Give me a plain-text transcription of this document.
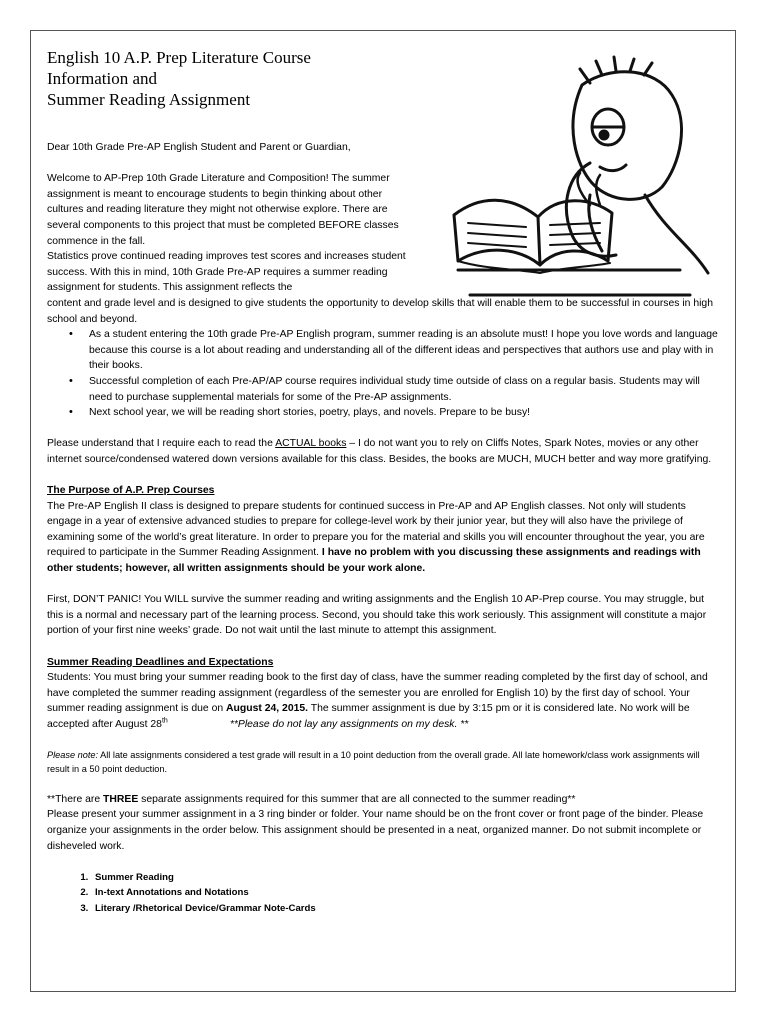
English 10 A.P. Prep Literature Course
Information and
Summer Reading Assignment

Dear 10th Grade Pre-AP English Student and Parent or Guardian,

Welcome to AP-Prep 10th Grade Literature and Composition! The summer assignment is meant to encourage students to begin thinking about other cultures and reading literature they might not otherwise explore. There are several components to this project that must be completed BEFORE classes commence in the fall.

Statistics prove continued reading improves test scores and increases student success. With this in mind, 10th Grade Pre-AP requires a summer reading assignment for students. This assignment reflects the

content and grade level and is designed to give students the opportunity to develop skills that will enable them to be successful in courses in high school and beyond.

• As a student entering the 10th grade Pre-AP English program, summer reading is an absolute must! I hope you love words and language because this course is a lot about reading and understanding all of the different ideas and perspectives that authors use and play with in their books.
• Successful completion of each Pre-AP/AP course requires individual study time outside of class on a regular basis. Students may will need to purchase supplemental materials for some of the Pre-AP assignments.
• Next school year, we will be reading short stories, poetry, plays, and novels. Prepare to be busy!

Please understand that I require each to read the ACTUAL books – I do not want you to rely on Cliffs Notes, Spark Notes, movies or any other internet source/condensed watered down versions available for this class. Besides, the books are MUCH, MUCH better and way more gratifying.

The Purpose of A.P. Prep Courses

The Pre-AP English II class is designed to prepare students for continued success in Pre-AP and AP English classes. Not only will students engage in a year of extensive advanced studies to prepare for college-level work by their junior year, but they will also have the privilege of examining some of the world’s great literature. In order to prepare you for the material and skills you will encounter throughout the year, you are required to participate in the Summer Reading Assignment. I have no problem with you discussing these assignments and readings with other students; however, all written assignments should be your work alone.

First, DON’T PANIC! You WILL survive the summer reading and writing assignments and the English 10 AP-Prep course. You may struggle, but this is a normal and necessary part of the learning process. Second, you should take this work seriously. This assignment will constitute a major portion of your first nine weeks’ grade. Do not wait until the last minute to attempt this assignment.

Summer Reading Deadlines and Expectations

Students: You must bring your summer reading book to the first day of class, have the summer reading completed by the first day of school, and have completed the summer reading assignment (regardless of the semester you are enrolled for English 10) by the first day of school. Your summer reading assignment is due on August 24, 2015. The summer assignment is due by 3:15 pm or it is considered late. No work will be accepted after August 28th	**Please do not lay any assignments on my desk. **

Please note: All late assignments considered a test grade will result in a 10 point deduction from the overall grade. All late homework/class work assignments will result in a 50 point deduction.

**There are THREE separate assignments required for this summer that are all connected to the summer reading**

Please present your summer assignment in a 3 ring binder or folder. Your name should be on the front cover or front page of the binder. Please organize your assignments in the order below. This assignment should be presented in a neat, organized manner. Do not submit incomplete or disheveled work.

1. Summer Reading
2. In-text Annotations and Notations
3. Literary /Rhetorical Device/Grammar Note-Cards
